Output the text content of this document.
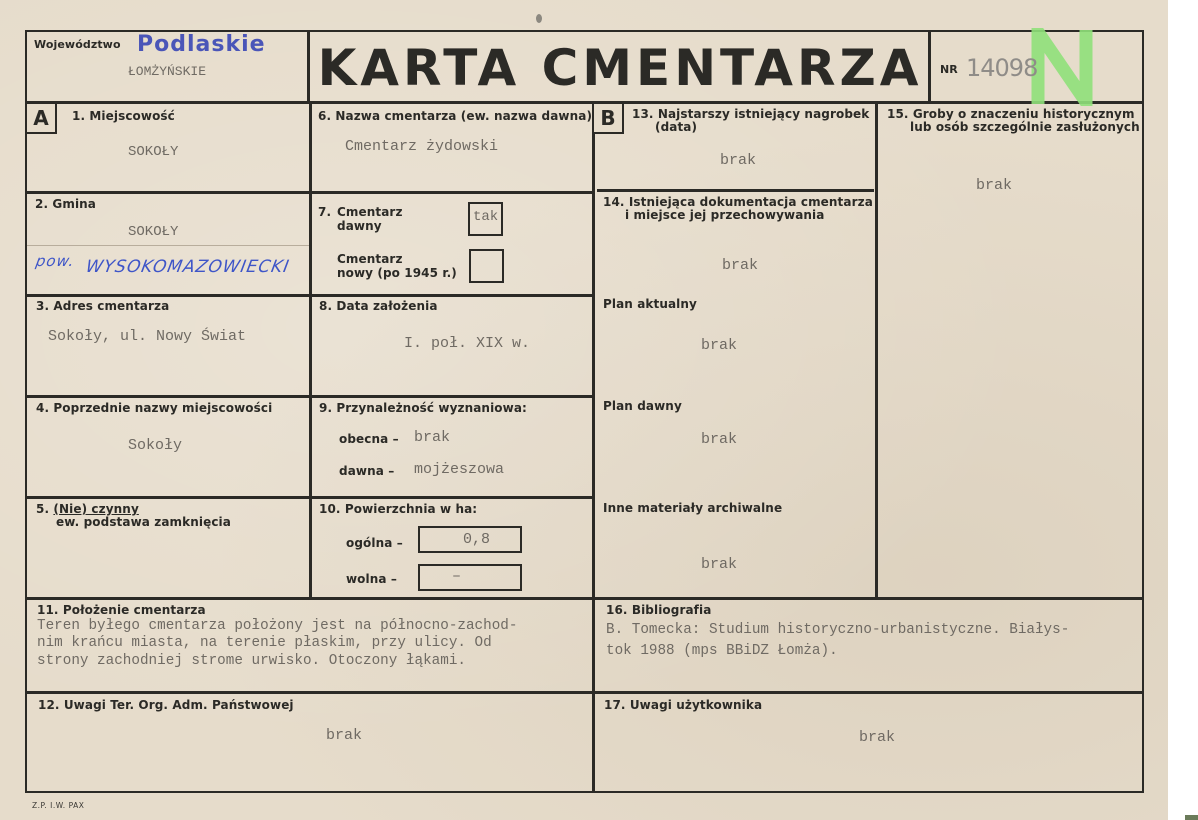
Województwo Podlaskie
ŁOMŻYŃSKIE KARTA CMENTARZA	NR 14098
A	B
1. Miejscowość
SOKOŁY
2. Gmina
SOKOŁY
pow. WYSOKOMAZOWIECKI
3. Adres cmentarza
Sokoły, ul. Nowy Świat
4. Poprzednie nazwy miejscowości
Sokoły
5. (Nie) czynny
ew. podstawa zamknięcia
6. Nazwa cmentarza (ew. nazwa dawna)
Cmentarz żydowski
7. Cmentarz
dawny
tak
Cmentarz
nowy (po 1945 r.)
8. Data założenia
I. poł. XIX w.
9. Przynależność wyznaniowa:
obecna – brak
dawna – mojżeszowa
10. Powierzchnia w ha:
ogólna –	0,8
wolna –	–
13. Najstarszy istniejący nagrobek
(data)
brak
14. Istniejąca dokumentacja cmentarza
i miejsce jej przechowywania
brak
Plan aktualny
brak
Plan dawny
brak
Inne materiały archiwalne
brak
15. Groby o znaczeniu historycznym
lub osób szczególnie zasłużonych
brak
11. Położenie cmentarza
Teren byłego cmentarza położony jest na północno-zachod-
nim krańcu miasta, na terenie płaskim, przy ulicy. Od
strony zachodniej strome urwisko. Otoczony łąkami.
16. Bibliografia
B. Tomecka: Studium historyczno-urbanistyczne. Białys-
tok 1988 (mps BBiDZ Łomża).
12. Uwagi Ter. Org. Adm. Państwowej
brak
17. Uwagi użytkownika
brak
Z.P. I.W. PAX
